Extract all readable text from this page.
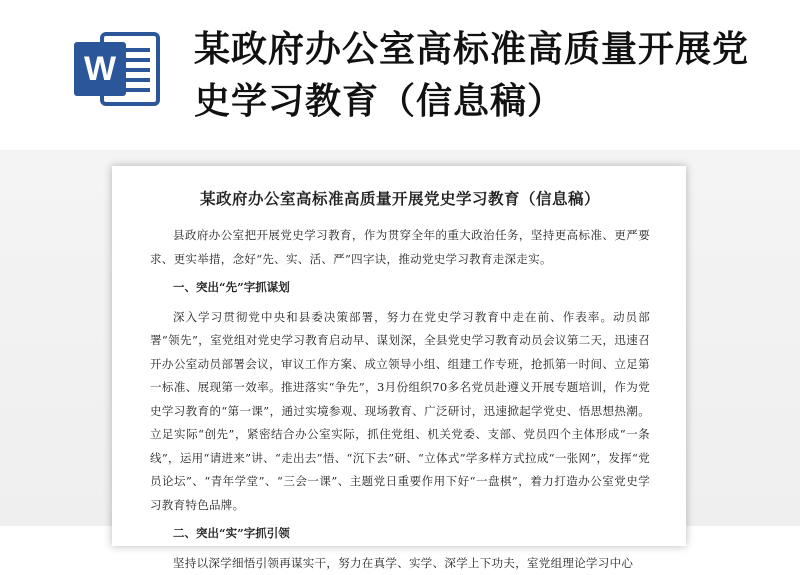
W 某政府办公室高标准高质量开展党史学习教育（信息稿）
某政府办公室高标准高质量开展党史学习教育（信息稿）

县政府办公室把开展党史学习教育，作为贯穿全年的重大政治任务，坚持更高标准、更严要求、更实举措，念好“先、实、活、严”四字诀，推动党史学习教育走深走实。

一、突出“先”字抓谋划

深入学习贯彻党中央和县委决策部署，努力在党史学习教育中走在前、作表率。动员部署“领先”，室党组对党史学习教育启动早、谋划深，全县党史学习教育动员会议第二天，迅速召开办公室动员部署会议，审议工作方案、成立领导小组、组建工作专班，抢抓第一时间、立足第一标准、展现第一效率。推进落实“争先”，3月份组织70多名党员赴遵义开展专题培训，作为党史学习教育的“第一课”，通过实境参观、现场教育、广泛研讨，迅速掀起学党史、悟思想热潮。立足实际“创先”，紧密结合办公室实际，抓住党组、机关党委、支部、党员四个主体形成“一条线”，运用“请进来”讲、“走出去”悟、“沉下去”研、“立体式”学多样方式拉成“一张网”，发挥“党员论坛”、“青年学堂”、“三会一课”、主题党日重要作用下好“一盘棋”，着力打造办公室党史学习教育特色品牌。

二、突出“实”字抓引领

坚持以深学细悟引领再谋实干，努力在真学、实学、深学上下功夫，室党组理论学习中心
